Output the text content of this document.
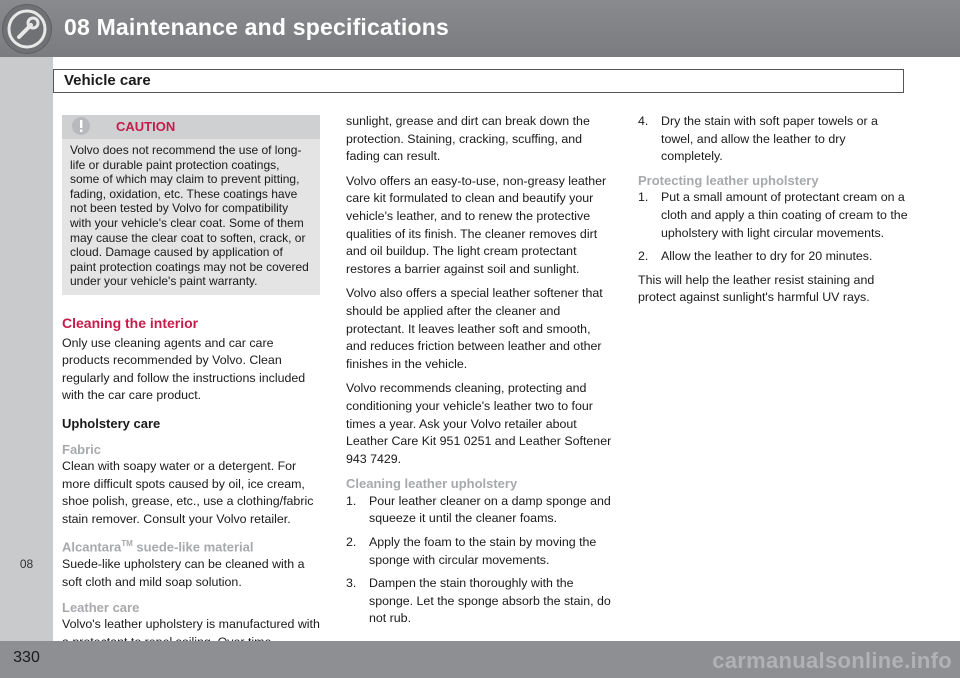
08 Maintenance and specifications
08
Vehicle care
CAUTION
Volvo does not recommend the use of long-life or durable paint protection coatings, some of which may claim to prevent pitting, fading, oxidation, etc. These coatings have not been tested by Volvo for compatibility with your vehicle's clear coat. Some of them may cause the clear coat to soften, crack, or cloud. Damage caused by application of paint protection coatings may not be covered under your vehicle's paint warranty.
Cleaning the interior

Only use cleaning agents and car care products recommended by Volvo. Clean regularly and follow the instructions included with the car care product.

Upholstery care
Fabric

Clean with soapy water or a detergent. For more difficult spots caused by oil, ice cream, shoe polish, grease, etc., use a clothing/fabric stain remover. Consult your Volvo retailer.

Alcantara™ suede-like material

Suede-like upholstery can be cleaned with a soft cloth and mild soap solution.

Leather care

Volvo's leather upholstery is manufactured with

sunlight, grease and dirt can break down the protection. Staining, cracking, scuffing, and fading can result.

Volvo offers an easy-to-use, non-greasy leather care kit formulated to clean and beautify your vehicle's leather, and to renew the protective qualities of its finish. The cleaner removes dirt and oil buildup. The light cream protectant restores a barrier against soil and sunlight.

Volvo also offers a special leather softener that should be applied after the cleaner and protectant. It leaves leather soft and smooth, and reduces friction between leather and other finishes in the vehicle.

Volvo recommends cleaning, protecting and conditioning your vehicle's leather two to four times a year. Ask your Volvo retailer about Leather Care Kit 951 0251 and Leather Softener 943 7429.

Cleaning leather upholstery
1. Pour leather cleaner on a damp sponge and squeeze it until the cleaner foams.
2. Apply the foam to the stain by moving the sponge with circular movements.
3. Dampen the stain thoroughly with the sponge. Let the sponge absorb the stain, do not rub.
4. Dry the stain with soft paper towels or a towel, and allow the leather to dry completely.
Protecting leather upholstery
1. Put a small amount of protectant cream on a cloth and apply a thin coating of cream to the upholstery with light circular movements.
2. Allow the leather to dry for 20 minutes.

This will help the leather resist staining and protect against sunlight's harmful UV rays.

330	carmanualsonline.info
